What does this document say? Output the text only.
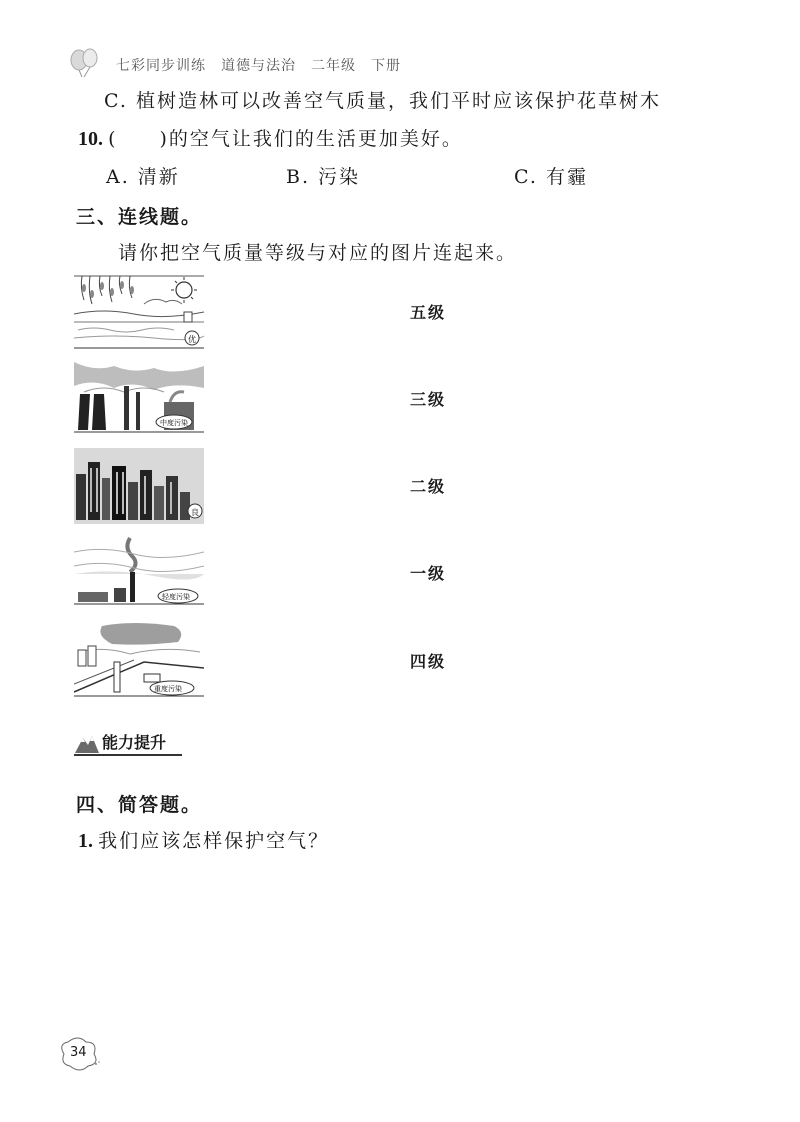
七彩同步训练　道德与法治　二年级　下册
C. 植树造林可以改善空气质量，我们平时应该保护花草树木
10. (　　)的空气让我们的生活更加美好。
A. 清新	B. 污染	C. 有霾
三、连线题。
请你把空气质量等级与对应的图片连起来。
优
中度污染
良
轻度污染
重度污染
五级
三级
二级
一级
四级
能力提升
四、简答题。
1. 我们应该怎样保护空气？
34
